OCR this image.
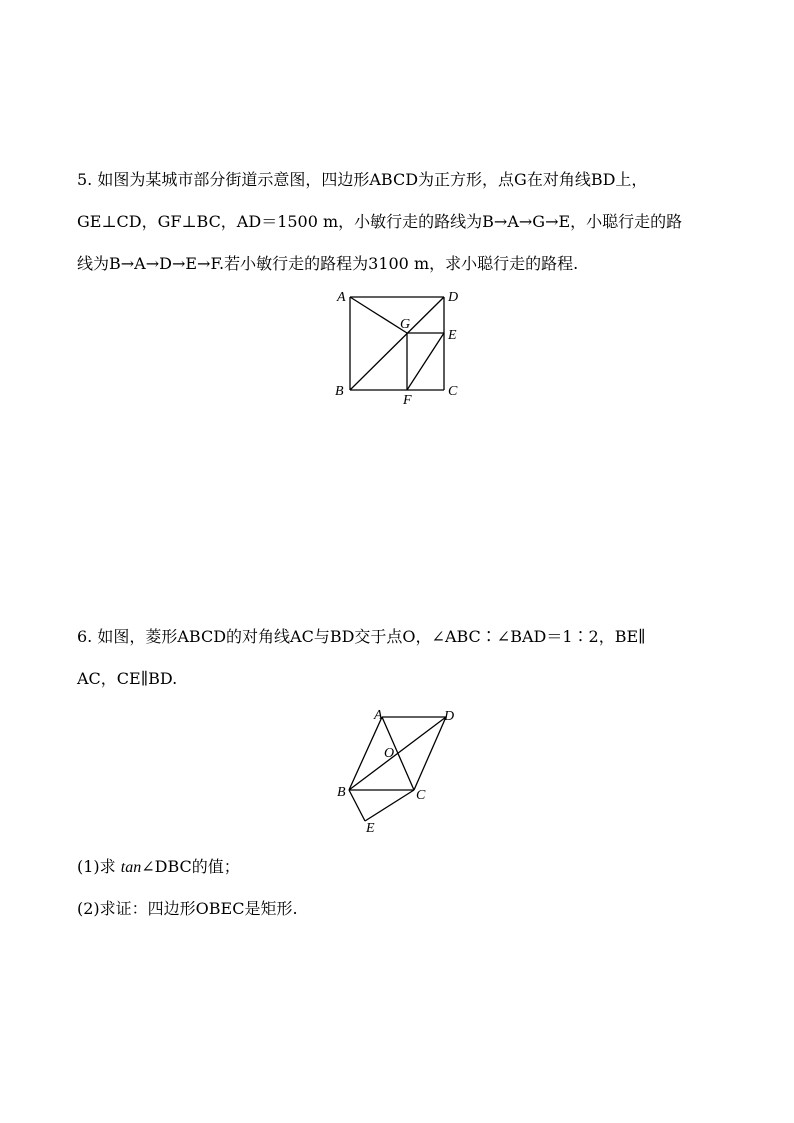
5. 如图为某城市部分街道示意图，四边形ABCD为正方形，点G在对角线BD上，
GE⊥CD，GF⊥BC，AD＝1500 m，小敏行走的路线为B→A→G→E，小聪行走的路
线为B→A→D→E→F.若小敏行走的路程为3100 m，求小聪行走的路程.
A	D
G
E
B	C
F
6. 如图，菱形ABCD的对角线AC与BD交于点O，∠ABC∶∠BAD＝1∶2，BE∥
AC，CE∥BD.
A	D
O
B	C
E
(1)求 tan∠DBC的值；
(2)求证：四边形OBEC是矩形.
